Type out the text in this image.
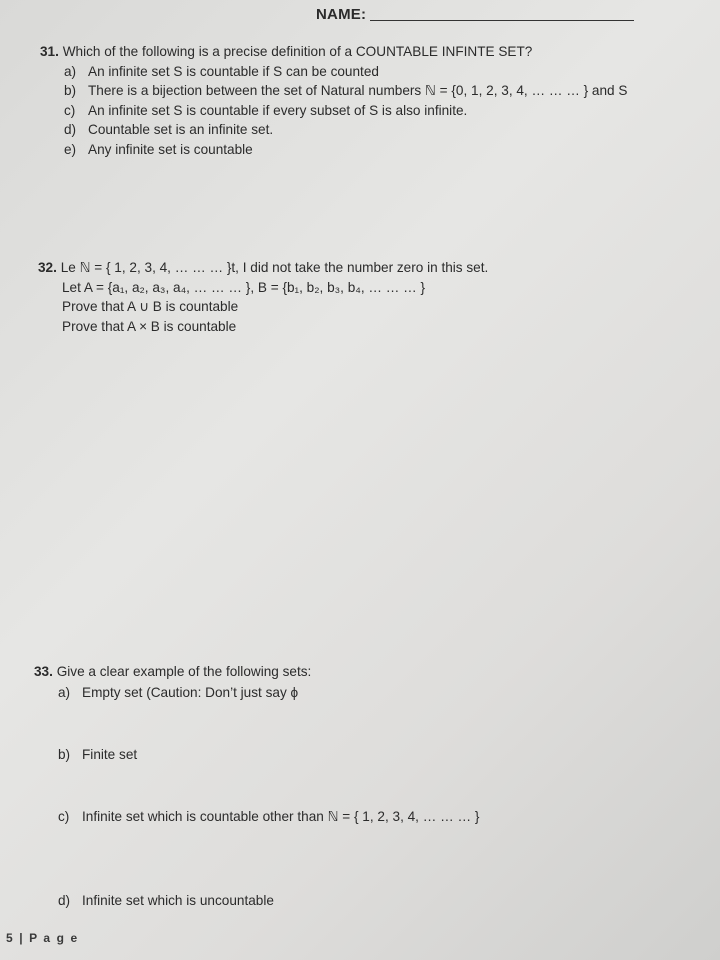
NAME:
31. Which of the following is a precise definition of a COUNTABLE INFINTE SET?
a) An infinite set S is countable if S can be counted
b) There is a bijection between the set of Natural numbers ℕ = {0, 1, 2, 3, 4, … … … } and S
c) An infinite set S is countable if every subset of S is also infinite.
d) Countable set is an infinite set.
e) Any infinite set is countable
32. Le ℕ = { 1, 2, 3, 4, … … … }t, I did not take the number zero in this set.
Let A = {a₁, a₂, a₃, a₄, … … … }, B = {b₁, b₂, b₃, b₄, … … … }
Prove that A ∪ B is countable
Prove that A × B is countable
33. Give a clear example of the following sets:
a) Empty set (Caution: Don’t just say ϕ
b) Finite set
c) Infinite set which is countable other than ℕ = { 1, 2, 3, 4, … … … }
d) Infinite set which is uncountable
5 | P a g e
